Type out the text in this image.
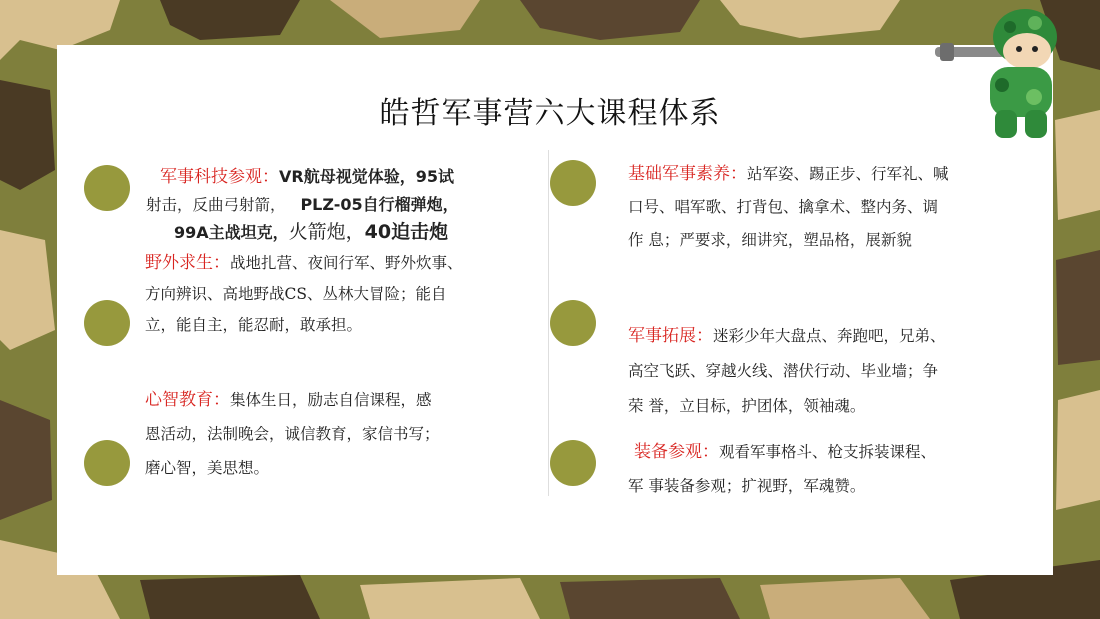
皓哲军事营六大课程体系
军事科技参观：VR航母视觉体验，95试
射击，反曲弓射箭， PLZ-05自行榴弹炮，
99A主战坦克，火箭炮，40迫击炮
野外求生：战地扎营、夜间行军、野外炊事、
方向辨识、高地野战CS、丛林大冒险；能自
立，能自主，能忍耐，敢承担。
心智教育：集体生日，励志自信课程，感
恩活动，法制晚会，诚信教育，家信书写；
磨心智，美思想。
基础军事素养：站军姿、踢正步、行军礼、喊
口号、唱军歌、打背包、擒拿术、整内务、调
作 息；严要求，细讲究，塑品格，展新貌
军事拓展：迷彩少年大盘点、奔跑吧，兄弟、
高空飞跃、穿越火线、潜伏行动、毕业墙；争
荣 誉，立目标，护团体，领袖魂。
装备参观：观看军事格斗、枪支拆装课程、
军 事装备参观；扩视野，军魂赞。
